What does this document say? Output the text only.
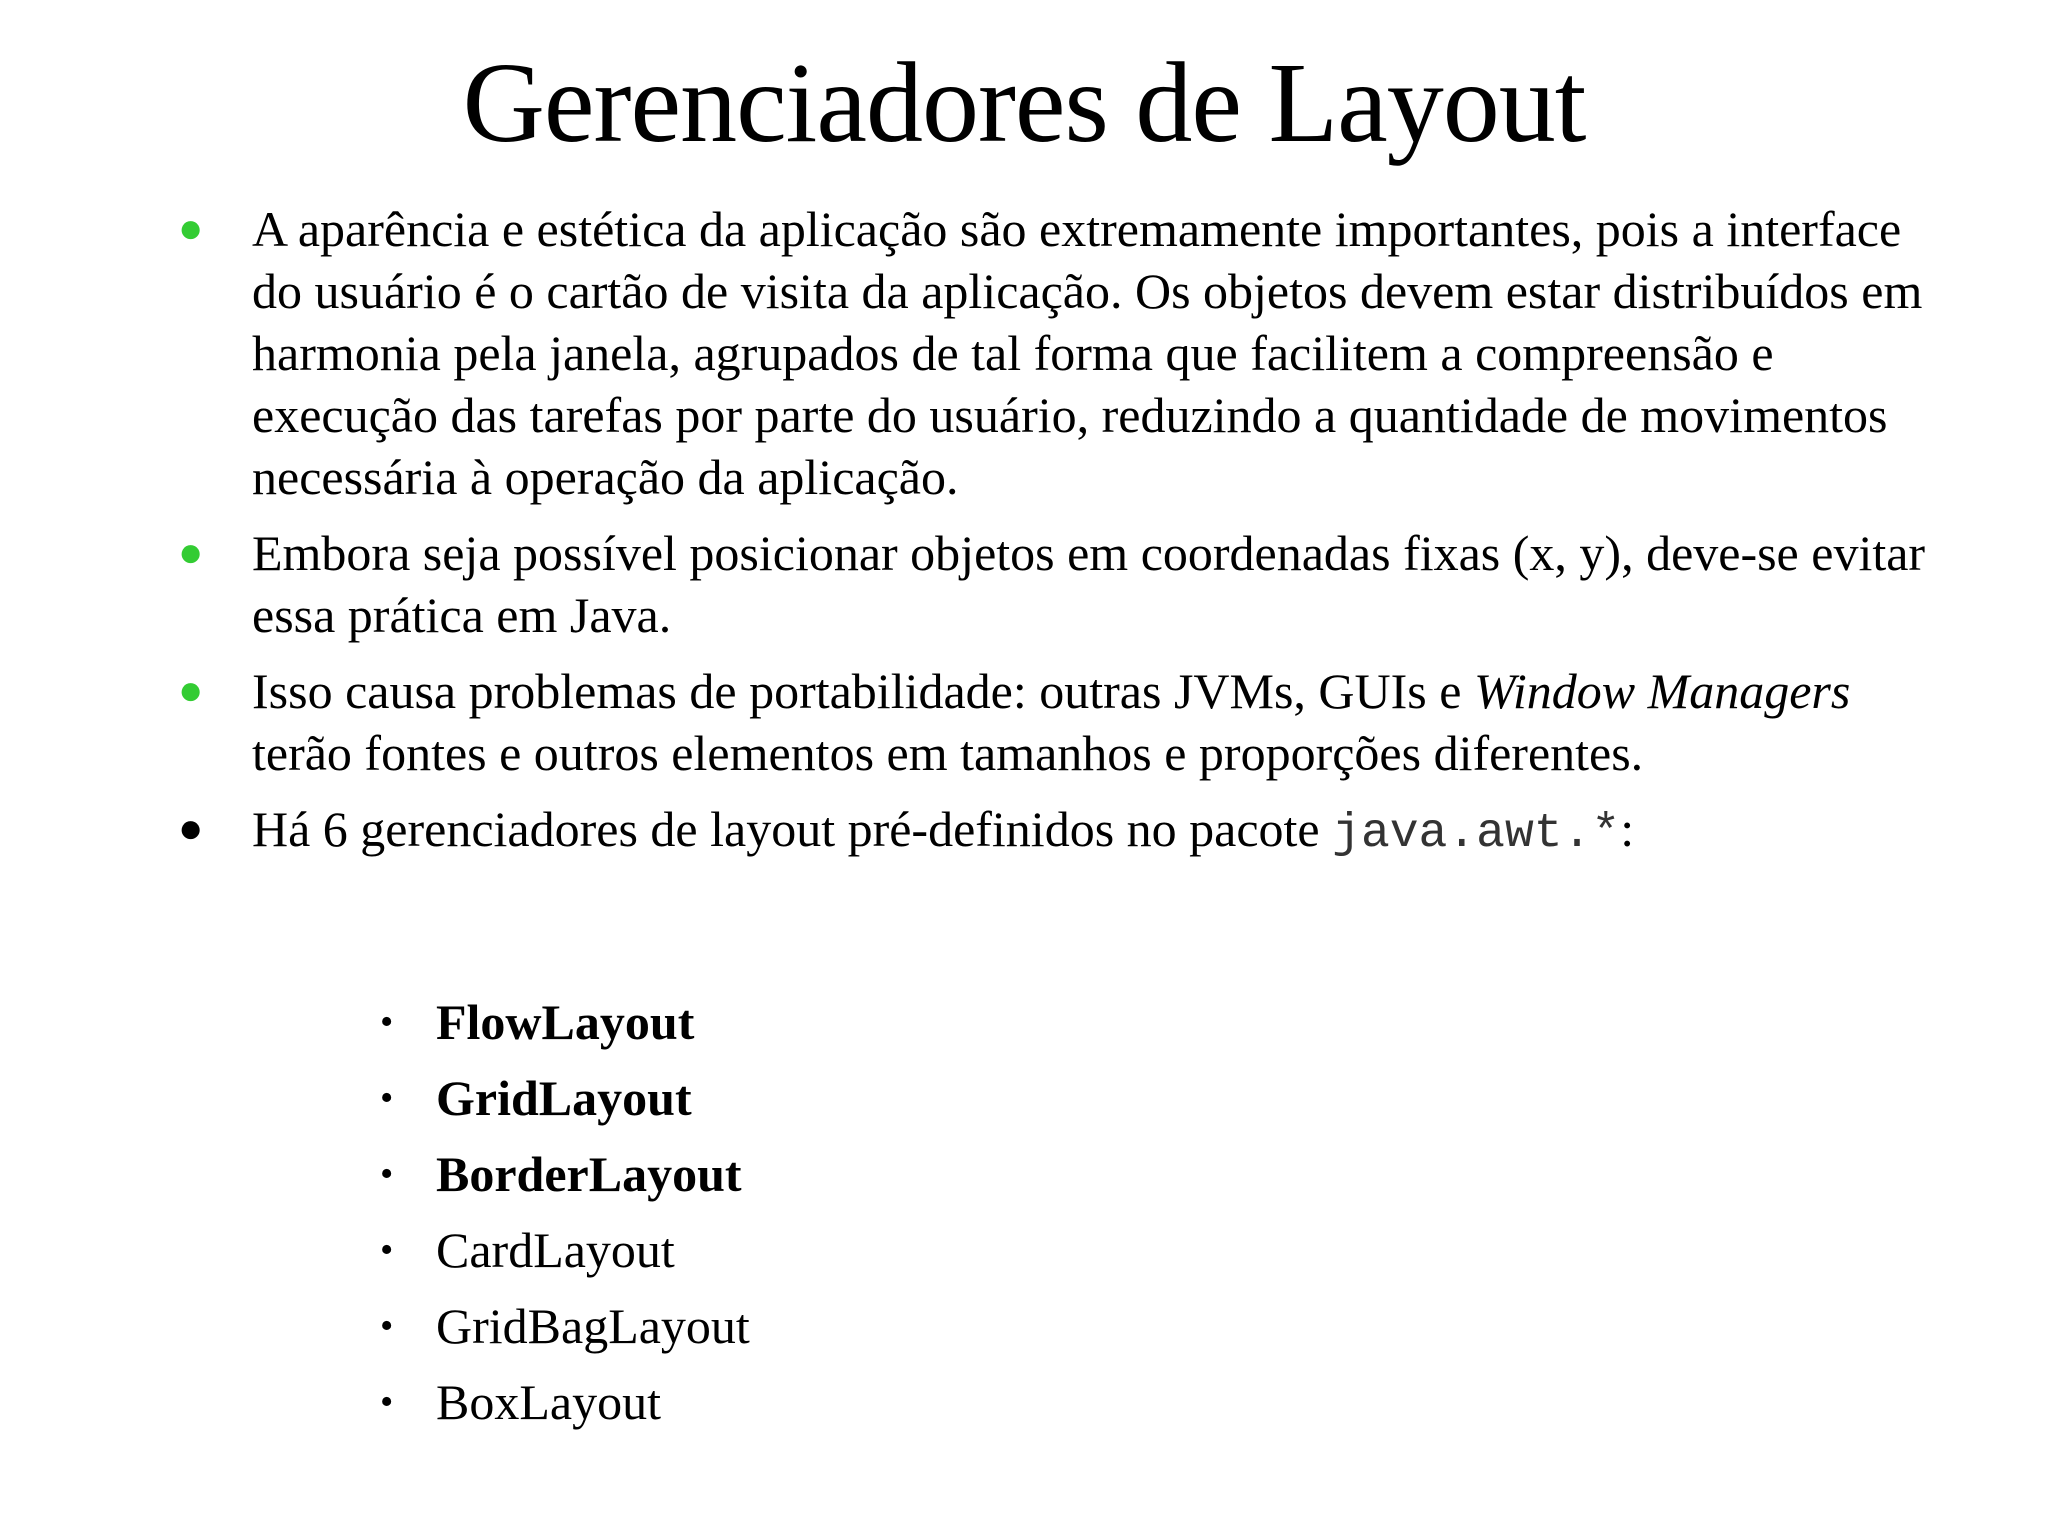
Gerenciadores de Layout
● A aparência e estética da aplicação são extremamente importantes, pois a interface do usuário é o cartão de visita da aplicação. Os objetos devem estar distribuídos em harmonia pela janela, agrupados de tal forma que facilitem a compreensão e execução das tarefas por parte do usuário, reduzindo a quantidade de movimentos necessária à operação da aplicação.
● Embora seja possível posicionar objetos em coordenadas fixas (x, y), deve-se evitar essa prática em Java.
● Isso causa problemas de portabilidade: outras JVMs, GUIs e Window Managers terão fontes e outros elementos em tamanhos e proporções diferentes.
● Há 6 gerenciadores de layout pré-definidos no pacote java.awt.*:
• FlowLayout
• GridLayout
• BorderLayout
• CardLayout
• GridBagLayout
• BoxLayout
